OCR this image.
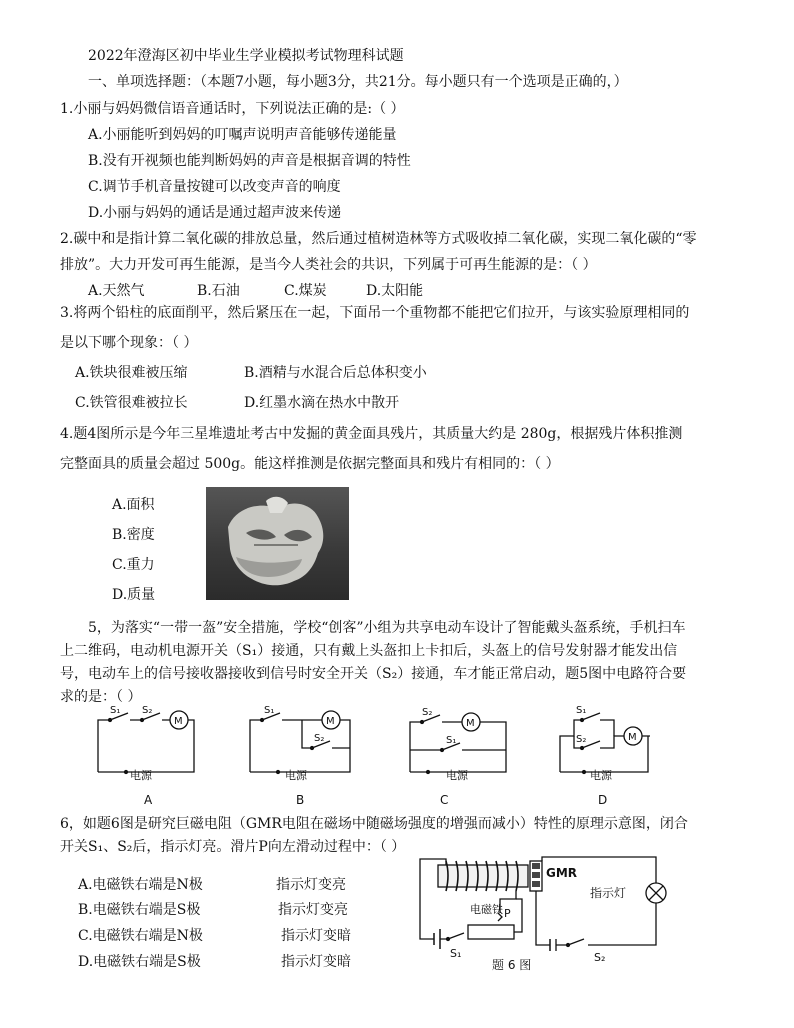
2022年澄海区初中毕业生学业模拟考试物理科试题
一、单项选择题：（本题7小题，每小题3分，共21分。每小题只有一个选项是正确的，）
1.小丽与妈妈微信语音通话时，下列说法正确的是:（ ）
A.小丽能听到妈妈的叮嘱声说明声音能够传递能量
B.没有开视频也能判断妈妈的声音是根据音调的特性
C.调节手机音量按键可以改变声音的响度
D.小丽与妈妈的通话是通过超声波来传递
2.碳中和是指计算二氧化碳的排放总量，然后通过植树造林等方式吸收掉二氧化碳，实现二氧化碳的“零
排放”。大力开发可再生能源，是当今人类社会的共识，下列属于可再生能源的是：（ ）
A.天然气	B.石油	C.煤炭	D.太阳能
3.将两个铅柱的底面削平，然后紧压在一起，下面吊一个重物都不能把它们拉开，与该实验原理相同的
是以下哪个现象：（ ）
A.铁块很难被压缩	B.酒精与水混合后总体积变小
C.铁管很难被拉长	D.红墨水滴在热水中散开
4.题4图所示是今年三星堆遗址考古中发掘的黄金面具残片，其质量大约是 280g，根据残片体积推测
完整面具的质量会超过 500g。能这样推测是依据完整面具和残片有相同的：（ ）
A.面积
B.密度
C.重力
D.质量
5，为落实“一带一盔”安全措施，学校“创客”小组为共享电动车设计了智能戴头盔系统，手机扫车
上二维码，电动机电源开关（S₁）接通，只有戴上头盔扣上卡扣后，头盔上的信号发射器才能发出信
号，电动车上的信号接收器接收到信号时安全开关（S₂）接通，车才能正常启动，题5图中电路符合要
求的是：（ ）
S₁ S₂
M
电源
S₁
S₂
M
电源
S₂
S₁
M
电源
S₁
S₂	M
电源
A	B	C	D
6，如题6图是研究巨磁电阻（GMR电阻在磁场中随磁场强度的增强而减小）特性的原理示意图，闭合
开关S₁、S₂后，指示灯亮。滑片P向左滑动过程中：（ ）
A.电磁铁右端是N极	指示灯变亮
B.电磁铁右端是S极	指示灯变亮
C.电磁铁右端是N极	指示灯变暗
D.电磁铁右端是S极	指示灯变暗
GMR
电磁铁 P
S₁
指示灯
S₂
题 6 图
